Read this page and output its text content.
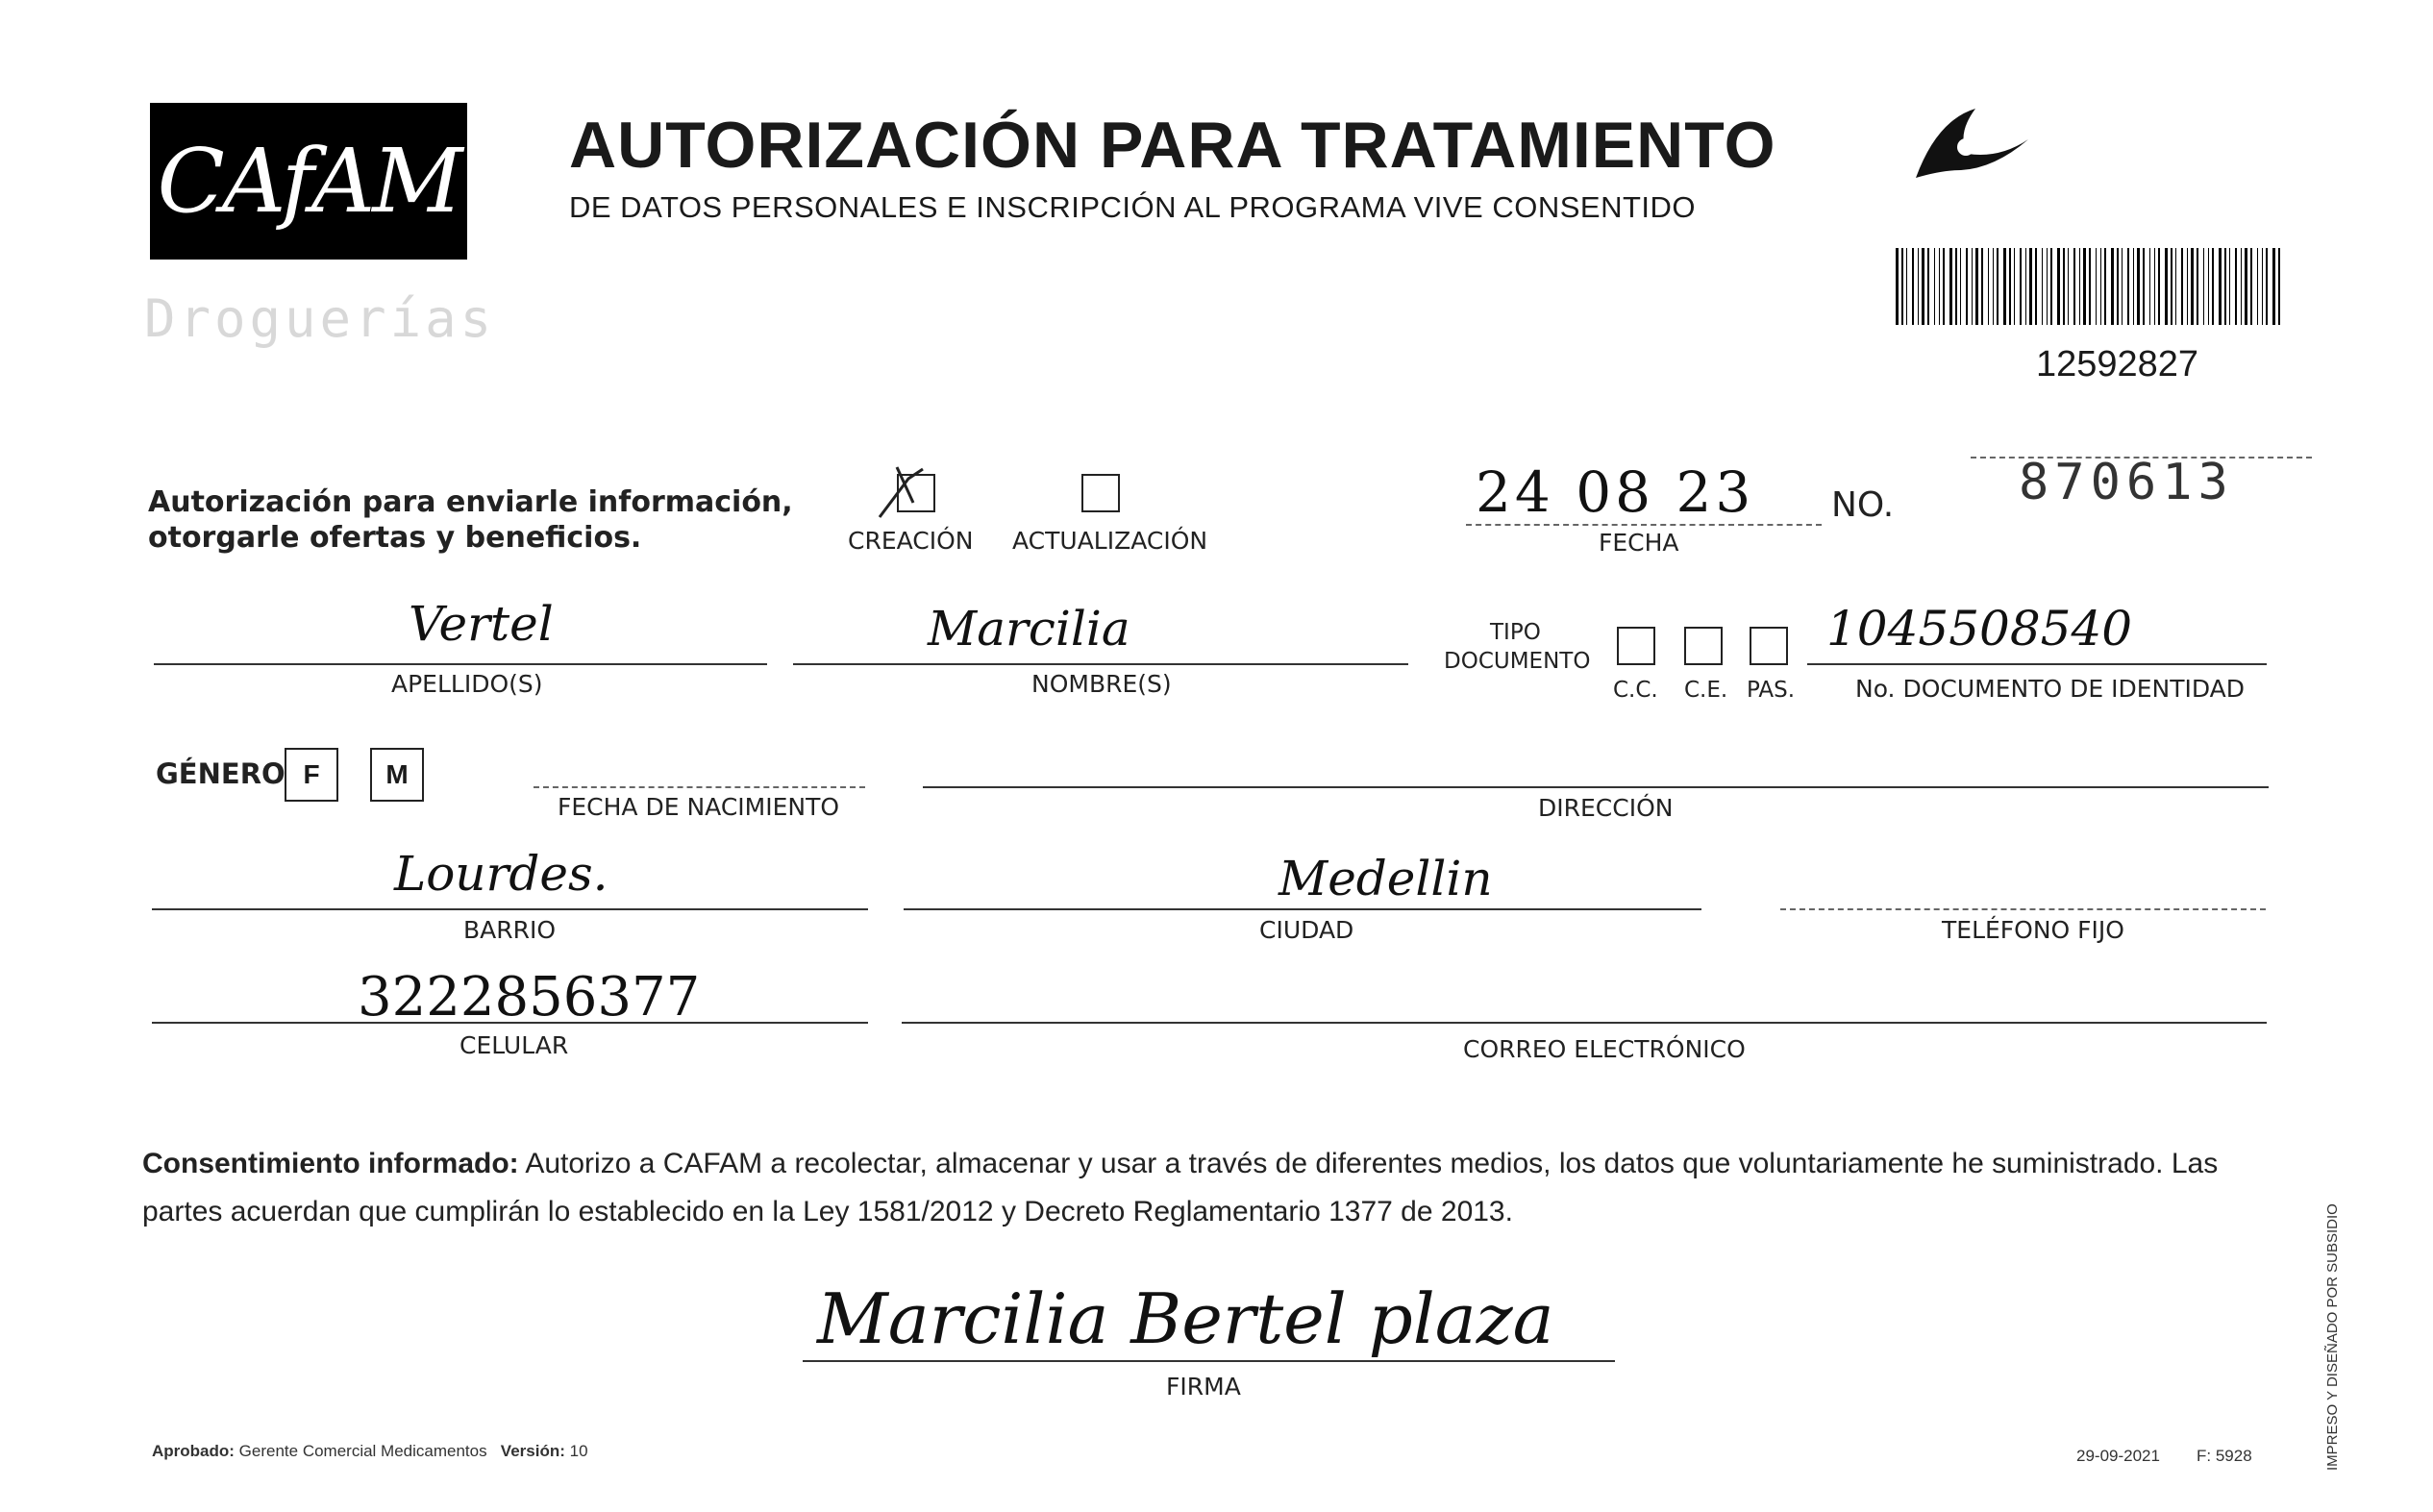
CAfAM
Droguerías
AUTORIZACIÓN PARA TRATAMIENTO
DE DATOS PERSONALES E INSCRIPCIÓN AL PROGRAMA VIVE CONSENTIDO
12592827
Autorización para enviarle información,
otorgarle ofertas y beneficios.	CREACIÓN ACTUALIZACIÓN
24 08 23
FECHA
NO. 870613
Vertel
APELLIDO(S)
Marcilia
NOMBRE(S)
TIPO
DOCUMENTO
C.C. C.E. PAS.
1045508540
No. DOCUMENTO DE IDENTIDAD
GÉNERO F M
FECHA DE NACIMIENTO	DIRECCIÓN
Lourdes.
BARRIO
Medellin
CIUDAD	TELÉFONO FIJO
3222856377
CELULAR	CORREO ELECTRÓNICO
Consentimiento informado: Autorizo a CAFAM a recolectar, almacenar y usar a través de diferentes medios, los datos que voluntariamente he suministrado. Las partes acuerdan que cumplirán lo establecido en la Ley 1581/2012 y Decreto Reglamentario 1377 de 2013.
Marcilia Bertel plaza
FIRMA
Aprobado: Gerente Comercial Medicamentos Versión: 10	29-09-2021 F: 5928	IMPRESO Y DISEÑADO POR SUBSIDIO
